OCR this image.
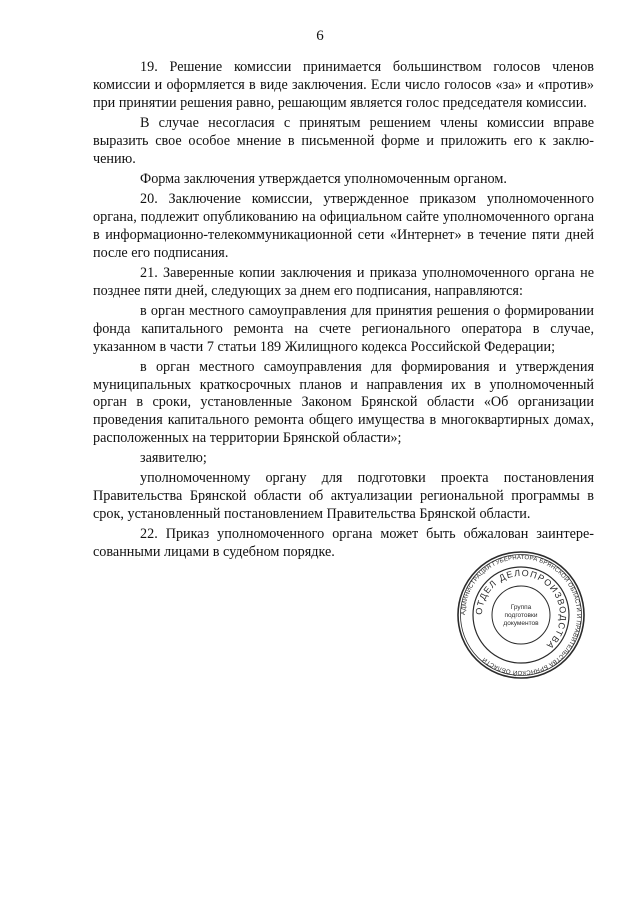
6

19. Решение комиссии принимается большинством голосов членов комиссии и оформляется в виде заключения. Если число голосов «за» и «против» при принятии решения равно, решающим является голос председателя комиссии.

В случае несогласия с принятым решением члены комиссии вправе выразить свое особое мнение в письменной форме и приложить его к заключению.

Форма заключения утверждается уполномоченным органом.

20. Заключение комиссии, утвержденное приказом уполномоченного органа, подлежит опубликованию на официальном сайте уполномоченного органа в информационно-телекоммуникационной сети «Интернет» в течение пяти дней после его подписания.

21. Заверенные копии заключения и приказа уполномоченного органа не позднее пяти дней, следующих за днем его подписания, направляются:

в орган местного самоуправления для принятия решения о формировании фонда капитального ремонта на счете регионального оператора в случае, указанном в части 7 статьи 189 Жилищного кодекса Российской Федерации;

в орган местного самоуправления для формирования и утверждения муниципальных краткосрочных планов и направления их в уполномоченный орган в сроки, установленные Законом Брянской области «Об организации проведения капитального ремонта общего имущества в многоквартирных домах, расположенных на территории Брянской области»;

заявителю;

уполномоченному органу для подготовки проекта постановления Правительства Брянской области об актуализации региональной программы в срок, установленный постановлением Правительства Брянской области.

22. Приказ уполномоченного органа может быть обжалован заинтересованными лицами в судебном порядке.

АДМИНИСТРАЦИЯ ГУБЕРНАТОРА БРЯНСКОЙ ОБЛАСТИ И ПРАВИТЕЛЬСТВА БРЯНСКОЙ ОБЛАСТИ
ОТДЕЛ ДЕЛОПРОИЗВОДСТВА
Группа
подготовки
документов
